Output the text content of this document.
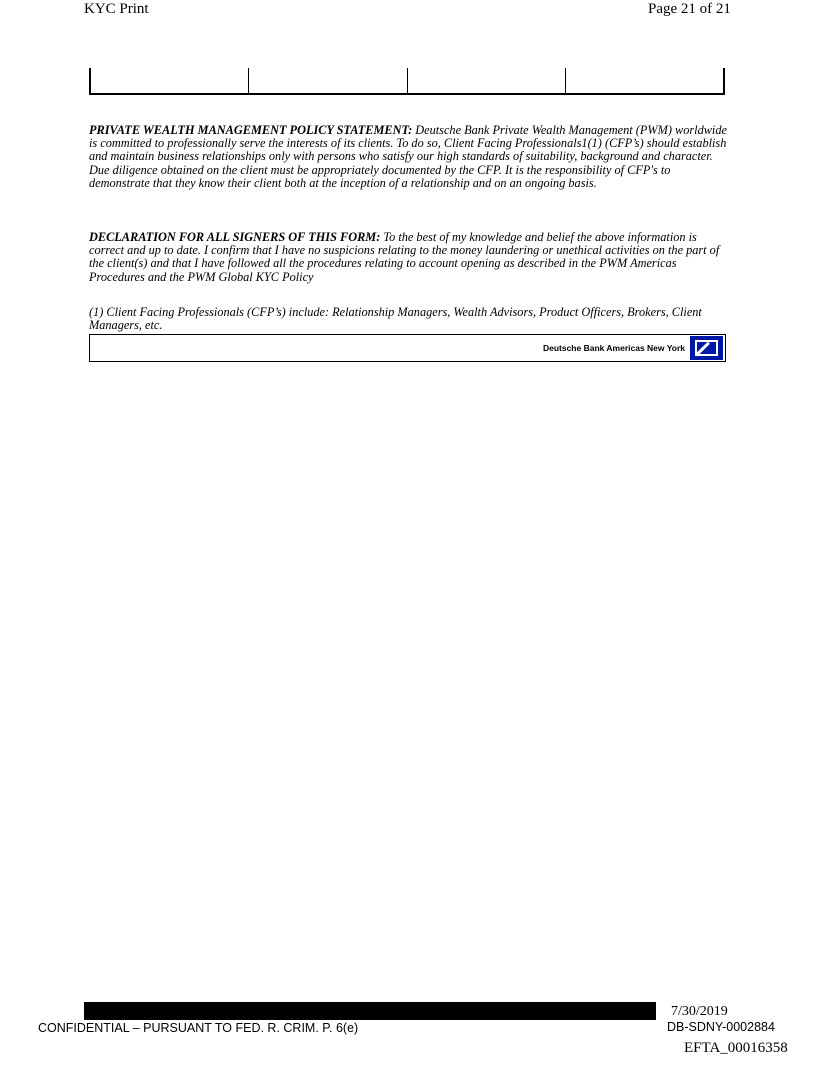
KYC Print	Page 21 of 21
PRIVATE WEALTH MANAGEMENT POLICY STATEMENT: Deutsche Bank Private Wealth Management (PWM) worldwide is committed to professionally serve the interests of its clients. To do so, Client Facing Professionals1(1) (CFP’s) should establish and maintain business relationships only with persons who satisfy our high standards of suitability, background and character. Due diligence obtained on the client must be appropriately documented by the CFP. It is the responsibility of CFP's to demonstrate that they know their client both at the inception of a relationship and on an ongoing basis.
DECLARATION FOR ALL SIGNERS OF THIS FORM: To the best of my knowledge and belief the above information is correct and up to date. I confirm that I have no suspicions relating to the money laundering or unethical activities on the part of the client(s) and that I have followed all the procedures relating to account opening as described in the PWM Americas Procedures and the PWM Global KYC Policy
(1) Client Facing Professionals (CFP’s) include: Relationship Managers, Wealth Advisors, Product Officers, Brokers, Client Managers, etc.
Deutsche Bank Americas New York
CONFIDENTIAL – PURSUANT TO FED. R. CRIM. P. 6(e)
7/30/2019
DB-SDNY-0002884
EFTA_00016358
